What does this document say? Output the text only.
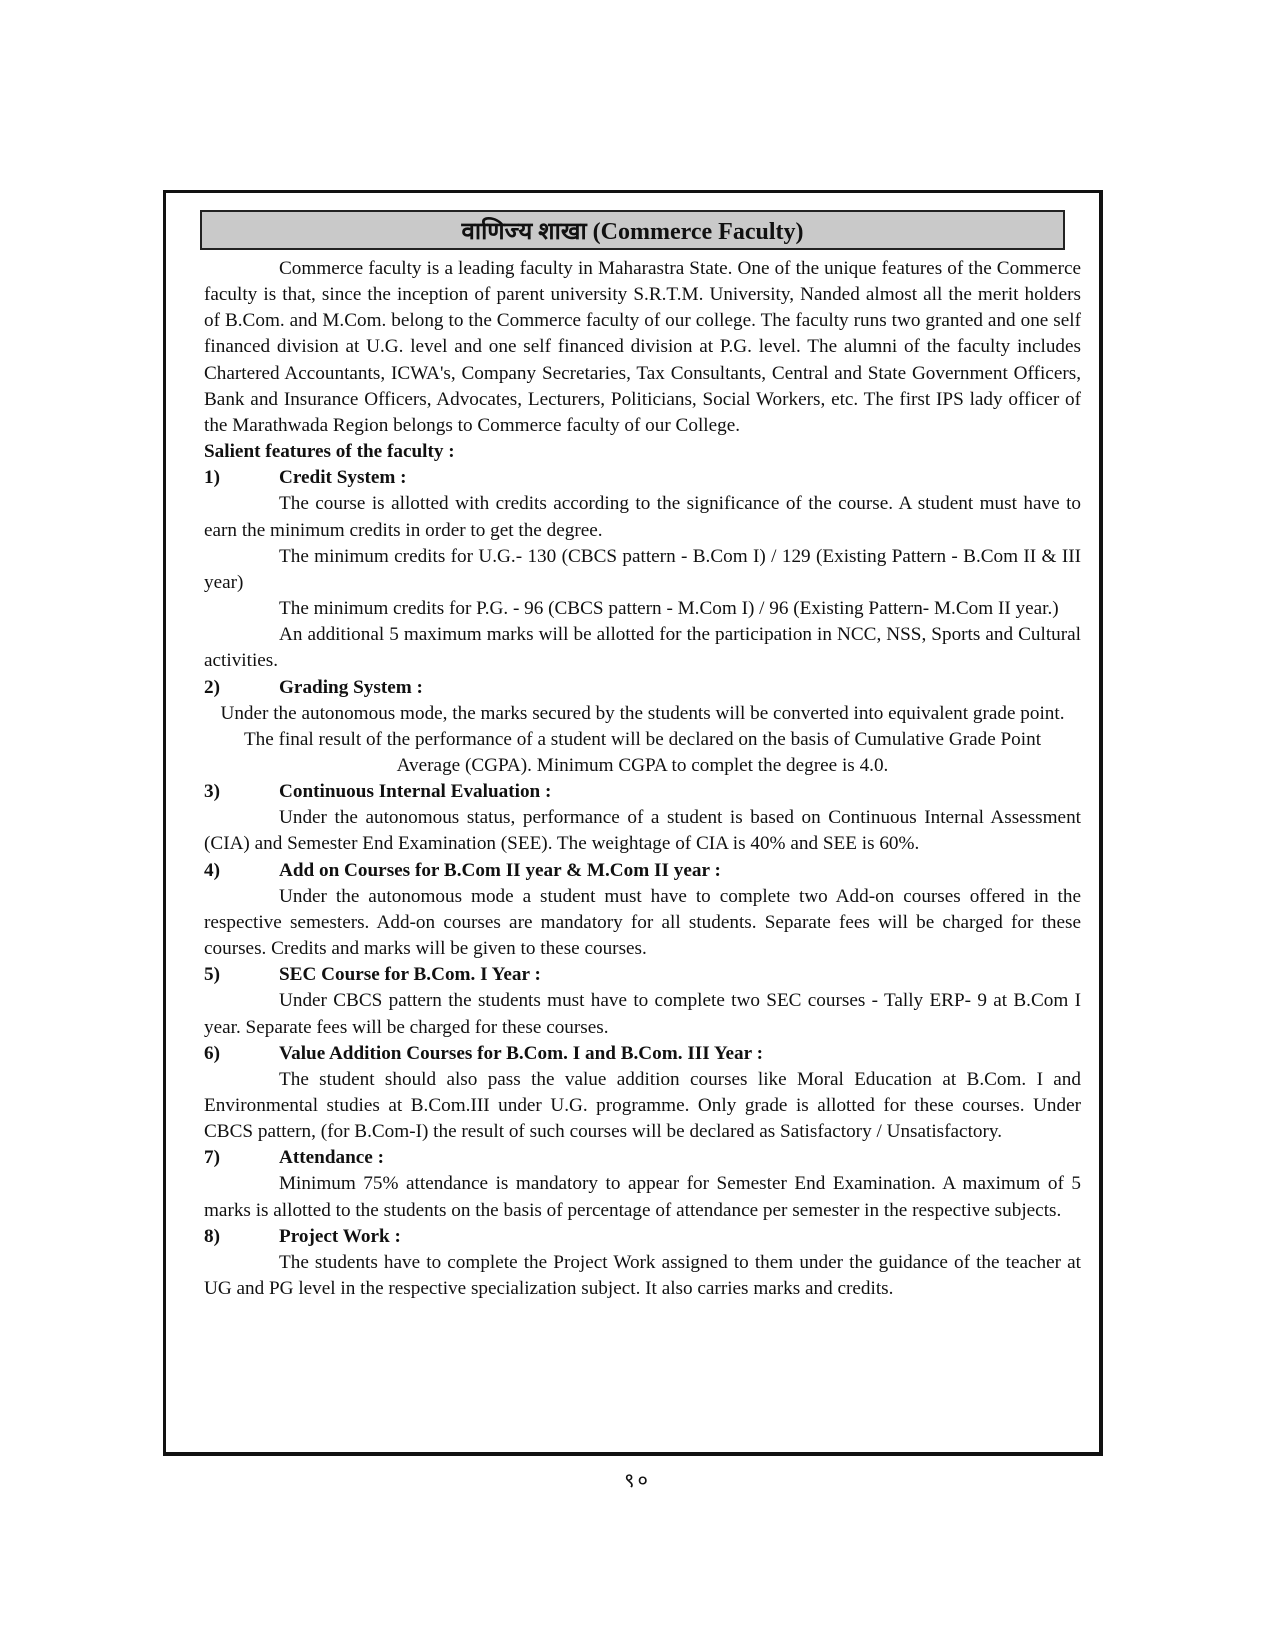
वाणिज्य शाखा (Commerce Faculty)

Commerce faculty is a leading faculty in Maharastra State. One of the unique features of the Commerce faculty is that, since the inception of parent university S.R.T.M. University, Nanded almost all the merit holders of B.Com. and M.Com. belong to the Commerce faculty of our college. The faculty runs two granted and one self financed division at U.G. level and one self financed division at P.G. level. The alumni of the faculty includes Chartered Accountants, ICWA's, Company Secretaries, Tax Consultants, Central and State Government Officers, Bank and Insurance Officers, Advocates, Lecturers, Politicians, Social Workers, etc. The first IPS lady officer of the Marathwada Region belongs to Commerce faculty of our College.

Salient features of the faculty :

1)	Credit System :

The course is allotted with credits according to the significance of the course. A student must have to earn the minimum credits in order to get the degree.

The minimum credits for U.G.- 130 (CBCS pattern - B.Com I) / 129 (Existing Pattern - B.Com II & III year)

The minimum credits for P.G. - 96 (CBCS pattern - M.Com I) / 96 (Existing Pattern- M.Com II year.)

An additional 5 maximum marks will be allotted for the participation in NCC, NSS, Sports and Cultural activities.

2)	Grading System :

Under the autonomous mode, the marks secured by the students will be converted into equivalent grade point. The final result of the performance of a student will be declared on the basis of Cumulative Grade Point Average (CGPA). Minimum CGPA to complet the degree is 4.0.

3)	Continuous Internal Evaluation :

Under the autonomous status, performance of a student is based on Continuous Internal Assessment (CIA) and Semester End Examination (SEE). The weightage of CIA is 40% and SEE is 60%.

4)	Add on Courses for B.Com II year & M.Com II year :

Under the autonomous mode a student must have to complete two Add-on courses offered in the respective semesters. Add-on courses are mandatory for all students. Separate fees will be charged for these courses. Credits and marks will be given to these courses.

5)	SEC Course for B.Com. I Year :

Under CBCS pattern the students must have to complete two SEC courses - Tally ERP- 9 at B.Com I year. Separate fees will be charged for these courses.

6)	Value Addition Courses for B.Com. I and B.Com. III Year :

The student should also pass the value addition courses like Moral Education at B.Com. I and Environmental studies at B.Com.III under U.G. programme. Only grade is allotted for these courses. Under CBCS pattern, (for B.Com-I) the result of such courses will be declared as Satisfactory / Unsatisfactory.

7)	Attendance :

Minimum 75% attendance is mandatory to appear for Semester End Examination. A maximum of 5 marks is allotted to the students on the basis of percentage of attendance per semester in the respective subjects.

8)	Project Work :

The students have to complete the Project Work assigned to them under the guidance of the teacher at UG and PG level in the respective specialization subject. It also carries marks and credits.

९०
